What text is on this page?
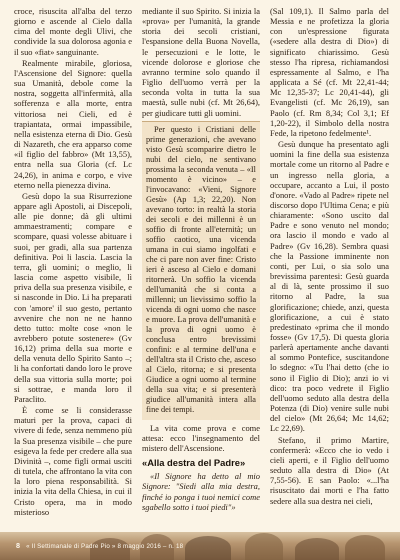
croce, risuscita all'alba del terzo giorno e ascende al Cielo dalla cima del monte degli Ulivi, che condivide la sua dolorosa agonia e il suo «fiat» sanguinante.

Realmente mirabile, gloriosa, l'Ascensione del Signore: quella sua Umanità, debole come la nostra, soggetta all'infermità, alla sofferenza e alla morte, entra vittoriosa nei Cieli, ed è trapiantata, ormai impassibile, nella esistenza eterna di Dio. Gesù di Nazareth, che era apparso come «il figlio del fabbro» (Mt 13,55), entra nella sua Gloria (cf. Lc 24,26), in anima e corpo, e vive eterno nella pienezza divina.

Gesù dopo la sua Risurrezione appare agli Apostoli, ai Discepoli, alle pie donne; dà gli ultimi ammaestramenti; compare e scompare, quasi volesse abituare i suoi, per gradi, alla sua partenza definitiva. Poi li lascia. Lascia la terra, gli uomini; o meglio, li lascia come aspetto visibile, lì priva della sua presenza visibile, e si nasconde in Dio. Li ha preparati con 'amore' il suo gesto, pertanto avvenire che non ne ne hanno detto tutto: molte cose «non le avrebbero potute sostenere» (Gv 16,12) prima della sua morte e della venuta dello Spirito Santo –; li ha confortati dando loro le prove della sua vittoria sulla morte; poi si sottrae, e manda loro il Paraclito.

È come se li considerasse maturi per la prova, capaci di vivere di fede, senza nemmeno più la Sua presenza visibile – che pure esigeva la fede per credere alla sua Divinità –, come figli ormai usciti di tutela, che affrontano la vita con la loro piena responsabilità. Si inizia la vita della Chiesa, in cui il Cristo opera, ma in modo misterioso

mediante il suo Spirito. Si inizia la «prova» per l'umanità, la grande storia dei secoli cristiani, l'espansione della Buona Novella, le persecuzioni e le lotte, le vicende dolorose e gloriose che avranno termine solo quando il Figlio dell'uomo verrà per la seconda volta in tutta la sua maestà, sulle nubi (cf. Mt 26,64), per giudicare tutti gli uomini.

Per questo i Cristiani delle prime generazioni, che avevano visto Gesù scomparire dietro le nubi del cielo, ne sentivano prossima la seconda venuta – «Il momento è vicino» – e l'invocavano: «Vieni, Signore Gesù» (Ap 1,3; 22,20). Non avevano torto: in realtà la storia dei secoli e dei millenni è un soffio di fronte all'eternità; un soffio caotico, una vicenda umana in cui siamo ingolfati e che ci pare non aver fine: Cristo ieri è asceso al Cielo e domani ritornerà. Un soffio la vicenda dell'umanità che si conta a millenni; un lievissimo soffio la vicenda di ogni uomo che nasce e muore. La prova dell'umanità e la prova di ogni uomo è conclusa entro brevissimi confini: e al termine dell'una e dell'altra sta il Cristo che, asceso al Cielo, ritorna; e si presenta Giudice a ogni uomo al termine della sua vita; e si presenterà giudice all'umanità intera alla fine dei tempi.

La vita come prova e come attesa: ecco l'insegnamento del mistero dell'Ascensione.

«Alla destra del Padre»

«Il Signore ha detto al mio Signore: "Siedi alla mia destra, finché io ponga i tuoi nemici come sgabello sotto i tuoi piedi"»

(Sal 109,1). Il Salmo parla del Messia e ne profetizza la gloria con un'espressione figurata («sedere alla destra di Dio») di significato chiarissimo. Gesù stesso l'ha ripresa, richiamandosi espressamente al Salmo, e l'ha applicata a Sé (cf. Mt 22,41-44; Mc 12,35-37; Lc 20,41-44), gli Evangelisti (cf. Mc 26,19), san Paolo (cf. Rm 8,34; Col 3,1; Ef 1,20-22), il Simbolo della nostra Fede, la ripetono fedelmente¹.

Gesù dunque ha presentato agli uomini la fine della sua esistenza mortale come un ritorno al Padre e un ingresso nella gloria, a occupare, accanto a Lui, il posto d'onore. «Vado al Padre» ripete nel discorso dopo l'Ultima Cena; e più chiaramente: «Sono uscito dal Padre e sono venuto nel mondo; ora lascio il mondo e vado al Padre» (Gv 16,28). Sembra quasi che la Passione imminente non conti, per Lui, o sia solo una brevissima parentesi: Gesù guarda al di là, sente prossimo il suo ritorno al Padre, la sua glorificazione; chiede, anzi, questa glorificazione, a cui è stato predestinato «prima che il mondo fosse» (Gv 17,5). Di questa gloria parlerà apertamente anche davanti al sommo Pontefice, suscitandone lo sdegno: «Tu l'hai detto (che io sono il Figlio di Dio); anzi io vi dico: tra poco vedrete il Figlio dell'uomo seduto alla destra della Potenza (di Dio) venire sulle nubi del cielo» (Mt 26,64; Mc 14,62; Lc 22,69).

Stefano, il primo Martire, confermerà: «Ecco che io vedo i cieli aperti, e il Figlio dell'uomo seduto alla destra di Dio» (At 7,55-56). E san Paolo: «...l'ha risuscitato dai morti e l'ha fatto sedere alla sua destra nei cieli,

8 « Il Settimanale di Padre Pio » 8 maggio 2016 – n. 18
